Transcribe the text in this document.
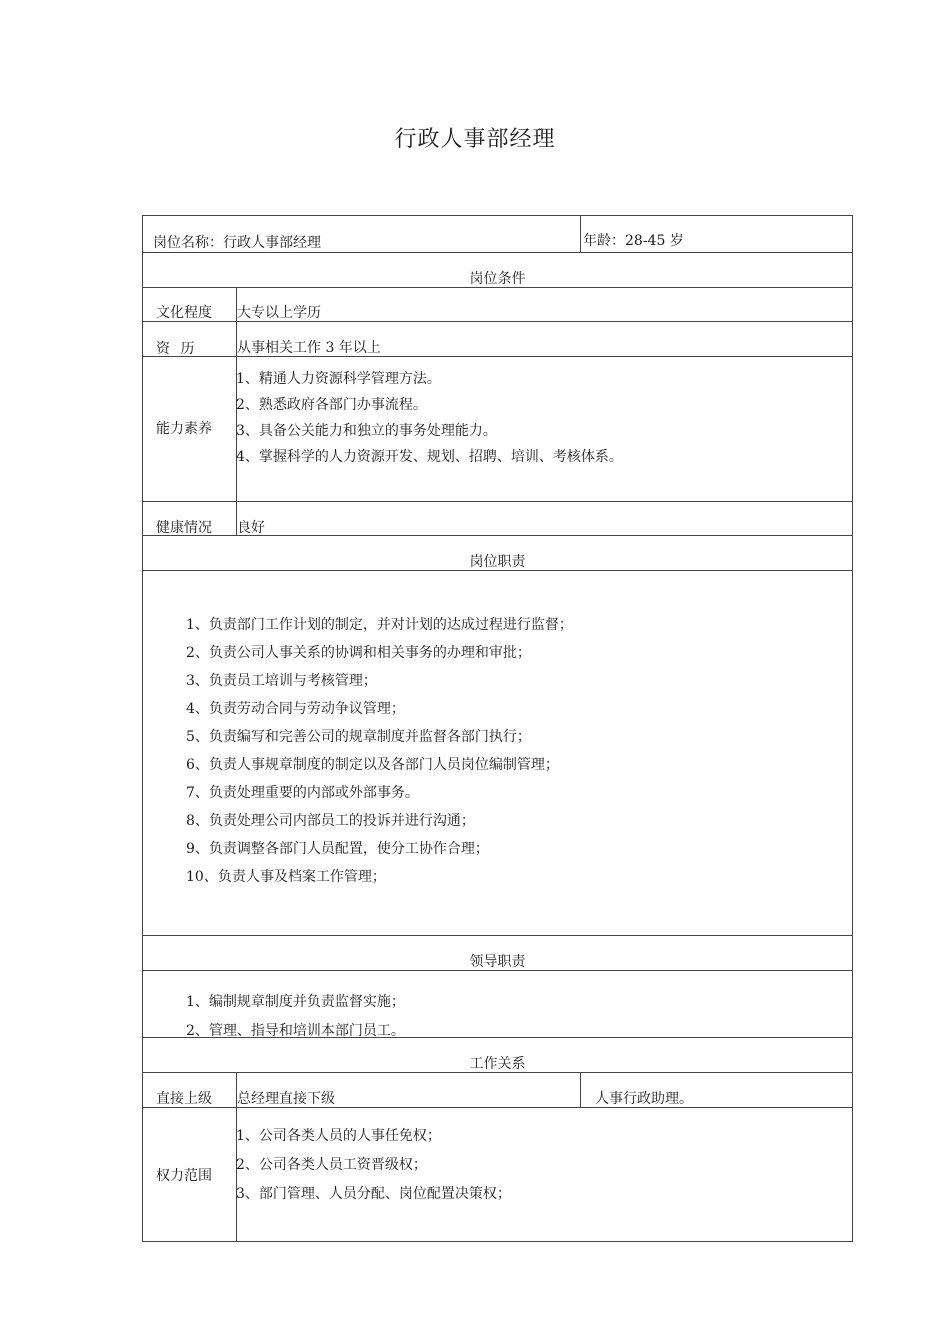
行政人事部经理
岗位名称：行政人事部经理	年龄：28-45 岁
岗位条件
文化程度 大专以上学历
资 历	从事相关工作 3 年以上
能力素养
1、精通人力资源科学管理方法。
2、熟悉政府各部门办事流程。
3、具备公关能力和独立的事务处理能力。
4、掌握科学的人力资源开发、规划、招聘、培训、考核体系。
健康情况 良好
岗位职责
1、负责部门工作计划的制定，并对计划的达成过程进行监督；
2、负责公司人事关系的协调和相关事务的办理和审批；
3、负责员工培训与考核管理；
4、负责劳动合同与劳动争议管理；
5、负责编写和完善公司的规章制度并监督各部门执行；
6、负责人事规章制度的制定以及各部门人员岗位编制管理；
7、负责处理重要的内部或外部事务。
8、负责处理公司内部员工的投诉并进行沟通；
9、负责调整各部门人员配置，使分工协作合理；
10、负责人事及档案工作管理；
领导职责
1、编制规章制度并负责监督实施；
2、管理、指导和培训本部门员工。
工作关系
直接上级 总经理直接下级	人事行政助理。
权力范围
1、公司各类人员的人事任免权；
2、公司各类人员工资晋级权；
3、部门管理、人员分配、岗位配置决策权；
